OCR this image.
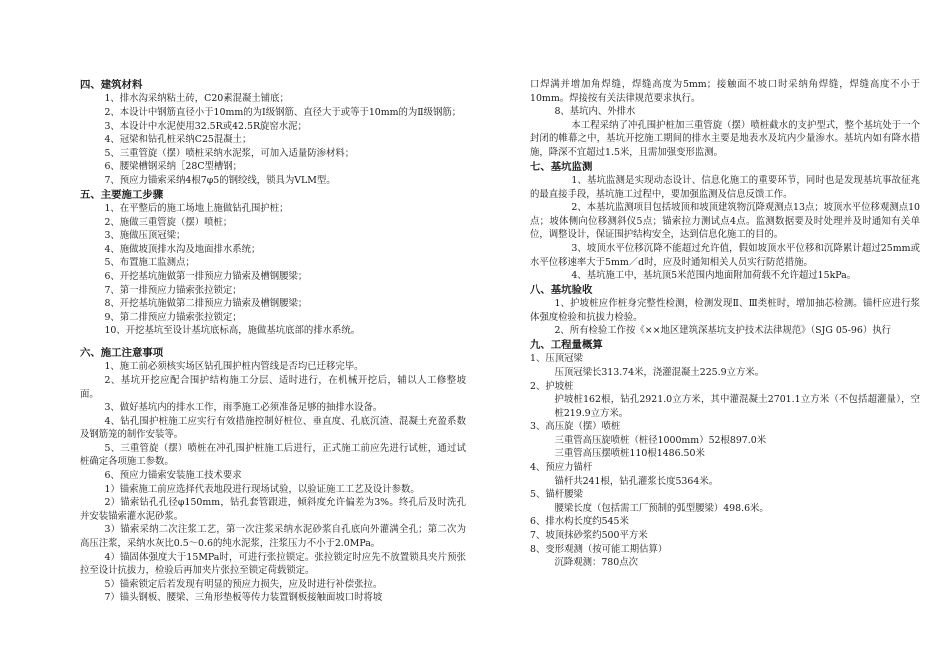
四、建筑材料
1、排水沟采纳粘土砖，C20素混凝土铺底；
2、本设计中钢筋直径小于10mm的为Ⅰ级钢筋、直径大于或等于10mm的为Ⅱ级钢筋；
3、本设计中水泥使用32.5R或42.5R旋窑水泥；
4、冠梁和钻孔桩采纳C25混凝土；
5、三重管旋（摆）喷桩采纳水泥浆，可加入适量防渗材料；
6、腰梁槽钢采纳［28C型槽钢；
7、预应力锚索采纳4根7φ5的钢绞线，锁具为VLM型。
五、主要施工步骤
1、在平整后的施工场地上施做钻孔围护桩；
2、施做三重管旋（摆）喷桩；
3、施做压顶冠梁；
4、施做坡顶排水沟及地面排水系统；
5、布置施工监测点；
6、开挖基坑施做第一排预应力锚索及槽钢腰梁；
7、第一排预应力锚索张拉锁定；
8、开挖基坑施做第二排预应力锚索及槽钢腰梁；
9、第二排预应力锚索张拉锁定；
10、开挖基坑至设计基坑底标高，施做基坑底部的排水系统。
六、施工注意事项
1、施工前必须核实场区钻孔围护桩内管线是否均已迁移完毕。
2、基坑开挖应配合围护结构施工分层、适时进行，在机械开挖后，辅以人工修整坡面。
3、做好基坑内的排水工作，雨季施工必须准备足够的抽排水设备。
4、钻孔围护桩施工应实行有效措施控制好桩位、垂直度、孔底沉渣、混凝土充盈系数及钢筋笼的制作安装等。
5、三重管旋（摆）喷桩在冲孔围护桩施工后进行，正式施工前应先进行试桩，通过试桩确定各项施工参数。
6、预应力锚索安装施工技术要求
1）锚索施工前应选择代表地段进行现场试验，以验证施工工艺及设计参数。
2）锚索钻孔孔径φ150mm，钻孔套管跟进，倾斜度允许偏差为3%。终孔后及时洗孔并安装锚索灌水泥砂浆。
3）锚索采纳二次注浆工艺，第一次注浆采纳水泥砂浆自孔底向外灌满全孔；第二次为高压注浆，采纳水灰比0.5～0.6的纯水泥浆，注浆压力不小于2.0MPa。
4）锚固体强度大于15MPa时，可进行张拉锁定。张拉锁定时应先不放置锁具夹片预张拉至设计抗拔力，检验后再加夹片张拉至锁定荷载锁定。
5）锚索锁定后若发现有明显的预应力损失，应及时进行补偿张拉。
7）锚头钢板、腰梁、三角形垫板等传力装置钢板接触面坡口时将坡
口焊满并增加角焊缝，焊缝高度为5mm；接触面不坡口时采纳角焊缝，焊缝高度不小于10mm。焊接按有关法律规范要求执行。
8、基坑内、外排水
本工程采纳了冲孔围护桩加三重管旋（摆）喷桩截水的支护型式，整个基坑处于一个封闭的帷幕之中，基坑开挖施工期间的排水主要是地表水及坑内少量渗水。基坑内如有降水措施，降深不宜超过1.5米，且需加强变形监测。
七、基坑监测
1、基坑监测是实现动态设计、信息化施工的重要环节，同时也是发现基坑事故征兆的最直接手段，基坑施工过程中，要加强监测及信息反馈工作。
2、本基坑监测项目包括坡顶和坡顶建筑物沉降观测点13点；坡顶水平位移观测点10点；坡体侧向位移测斜仪5点；锚索拉力测试点4点。监测数据要及时处理并及时通知有关单位，调整设计，保证围护结构安全，达到信息化施工的目的。
3、坡顶水平位移沉降不能超过允许值，假如坡顶水平位移和沉降累计超过25mm或水平位移速率大于5mm／d时，应及时通知相关人员实行防范措施。
4、基坑施工中，基坑顶5米范围内地面附加荷载不允许超过15kPa。
八、基坑验收
1、护坡桩应作桩身完整性检测，检测发现Ⅱ、Ⅲ类桩时，增加抽芯检测。锚杆应进行浆体强度检验和抗拔力检验。
2、所有检验工作按《××地区建筑深基坑支护技术法律规范》（SJG 05-96）执行
九、工程量概算
1、压顶冠梁
压顶冠梁长313.74米，浇灌混凝土225.9立方米。
2、护坡桩
护坡桩162根，钻孔2921.0立方米，其中灌混凝土2701.1立方米（不包括超灌量），空桩219.9立方米。
3、高压旋（摆）喷桩
三重管高压旋喷桩（桩径1000mm）52根897.0米
三重管高压摆喷桩110根1486.50米
4、预应力锚杆
锚杆共241根，钻孔灌浆长度5364米。
5、锚杆腰梁
腰梁长度（包括需工厂预制的弧型腰梁）498.6米。
6、排水构长度约545米
7、坡顶抹砂浆约500平方米
8、变形观测（按可能工期估算）
沉降观测：780点次
